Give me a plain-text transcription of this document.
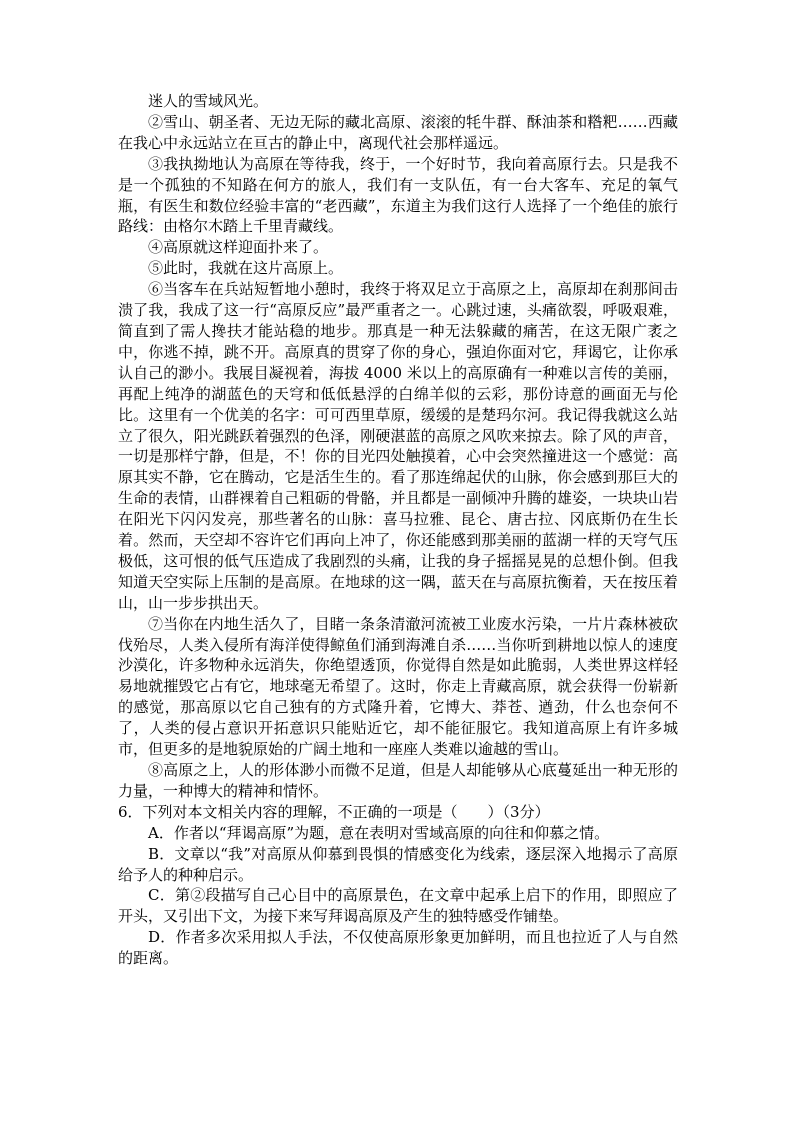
迷人的雪域风光。

②雪山、朝圣者、无边无际的藏北高原、滚滚的牦牛群、酥油茶和糌粑……西藏在我心中永远站立在亘古的静止中，离现代社会那样遥远。

③我执拗地认为高原在等待我，终于，一个好时节，我向着高原行去。只是我不是一个孤独的不知路在何方的旅人，我们有一支队伍，有一台大客车、充足的氧气瓶，有医生和数位经验丰富的“老西藏”，东道主为我们这行人选择了一个绝佳的旅行路线：由格尔木踏上千里青藏线。

④高原就这样迎面扑来了。

⑤此时，我就在这片高原上。

⑥当客车在兵站短暂地小憩时，我终于将双足立于高原之上，高原却在刹那间击溃了我，我成了这一行“高原反应”最严重者之一。心跳过速，头痛欲裂，呼吸艰难，简直到了需人搀扶才能站稳的地步。那真是一种无法躲藏的痛苦，在这无限广袤之中，你逃不掉，跳不开。高原真的贯穿了你的身心，强迫你面对它，拜谒它，让你承认自己的渺小。我展目凝视着，海拔 4000 米以上的高原确有一种难以言传的美丽，再配上纯净的湖蓝色的天穹和低低悬浮的白绵羊似的云彩，那份诗意的画面无与伦比。这里有一个优美的名字：可可西里草原，缓缓的是楚玛尔河。我记得我就这么站立了很久，阳光跳跃着强烈的色泽，刚硬湛蓝的高原之风吹来掠去。除了风的声音，一切是那样宁静，但是，不！你的目光四处触摸着，心中会突然撞进这一个感觉：高原其实不静，它在腾动，它是活生生的。看了那连绵起伏的山脉，你会感到那巨大的生命的表情，山群裸着自己粗砺的骨骼，并且都是一副倾冲升腾的雄姿，一块块山岩在阳光下闪闪发亮，那些著名的山脉：喜马拉雅、昆仑、唐古拉、冈底斯仍在生长着。然而，天空却不容许它们再向上冲了，你还能感到那美丽的蓝湖一样的天穹气压极低，这可恨的低气压造成了我剧烈的头痛，让我的身子摇摇晃晃的总想仆倒。但我知道天空实际上压制的是高原。在地球的这一隅，蓝天在与高原抗衡着，天在按压着山，山一步步拱出天。

⑦当你在内地生活久了，目睹一条条清澈河流被工业废水污染，一片片森林被砍伐殆尽，人类入侵所有海洋使得鲸鱼们涌到海滩自杀……当你听到耕地以惊人的速度沙漠化，许多物种永远消失，你绝望透顶，你觉得自然是如此脆弱，人类世界这样轻易地就摧毁它占有它，地球毫无希望了。这时，你走上青藏高原，就会获得一份崭新的感觉，那高原以它自己独有的方式隆升着，它博大、莽苍、遒劲，什么也奈何不了，人类的侵占意识开拓意识只能贴近它，却不能征服它。我知道高原上有许多城市，但更多的是地貌原始的广阔土地和一座座人类难以逾越的雪山。

⑧高原之上，人的形体渺小而微不足道，但是人却能够从心底蔓延出一种无形的力量，一种博大的精神和情怀。

6．下列对本文相关内容的理解，不正确的一项是（　　）（3分）

A．作者以“拜谒高原”为题，意在表明对雪域高原的向往和仰慕之情。

B．文章以“我”对高原从仰慕到畏惧的情感变化为线索，逐层深入地揭示了高原给予人的种种启示。

C．第②段描写自己心目中的高原景色，在文章中起承上启下的作用，即照应了开头，又引出下文，为接下来写拜谒高原及产生的独特感受作铺垫。

D．作者多次采用拟人手法，不仅使高原形象更加鲜明，而且也拉近了人与自然的距离。
